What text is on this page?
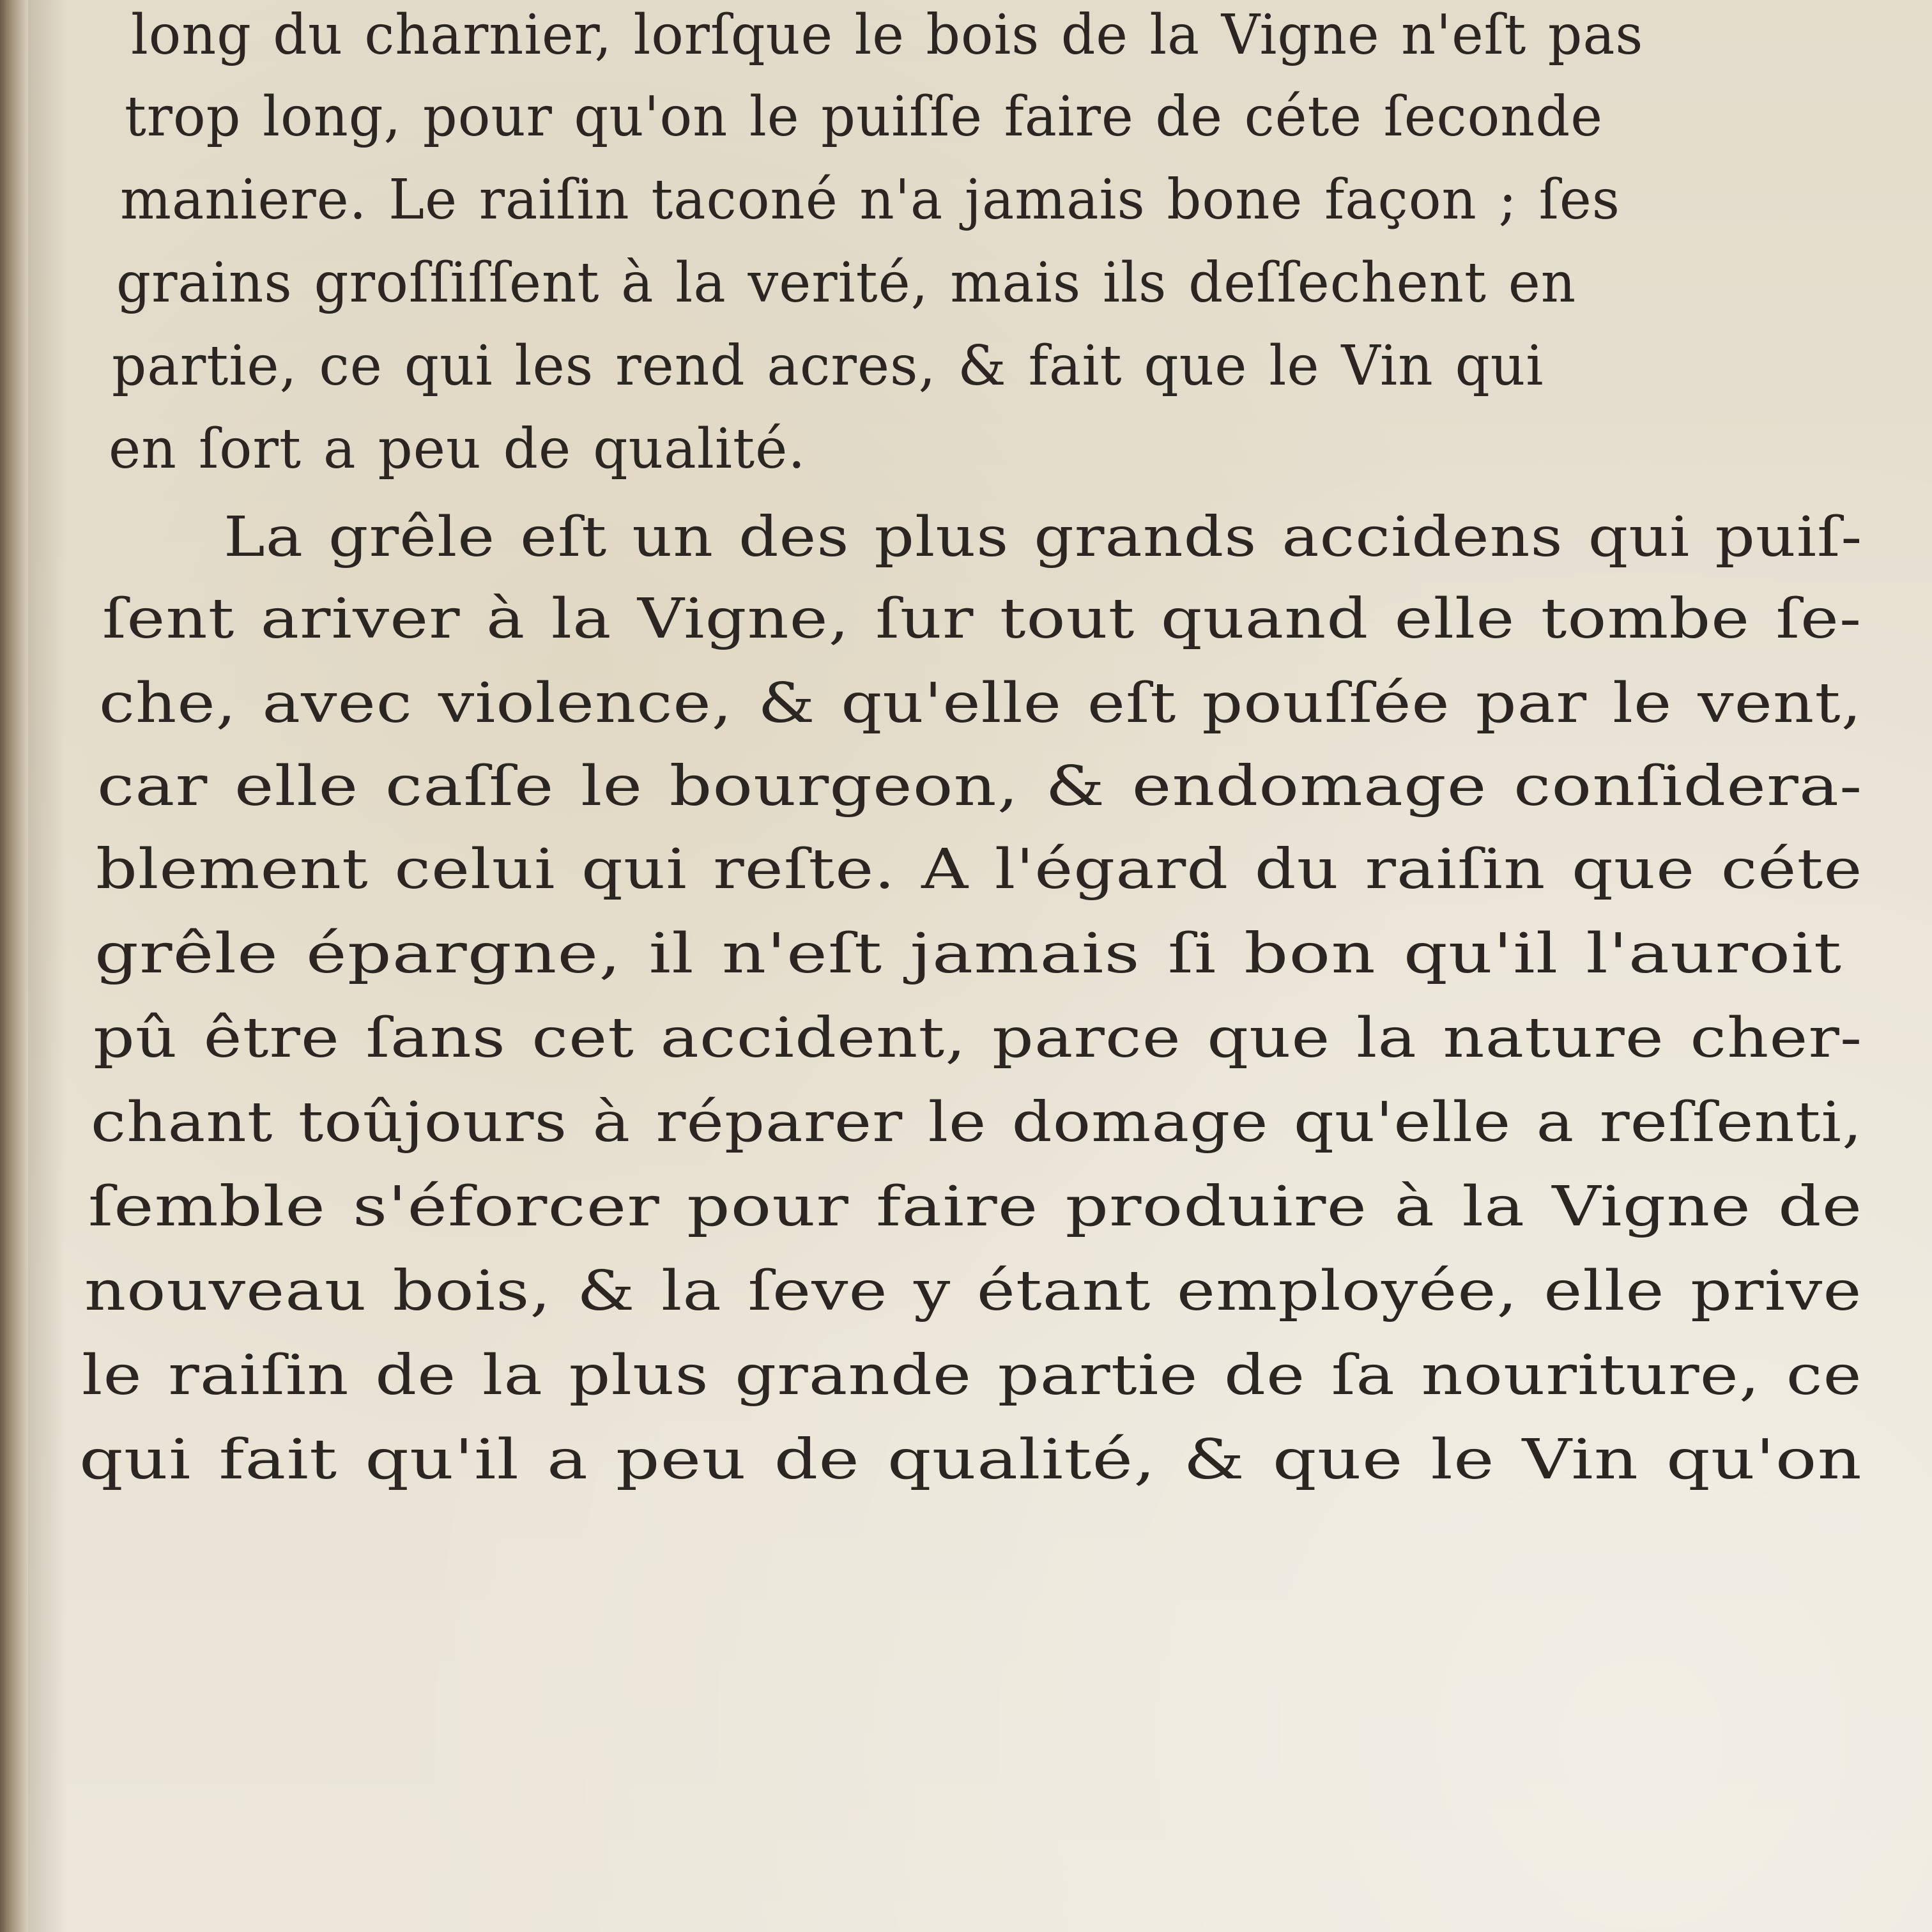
long du charnier, lorſque le bois de la Vigne n'eſt pas
trop long, pour qu'on le puiſſe faire de céte ſeconde
maniere. Le raiſin taconé n'a jamais bone façon ; ſes
grains groſſiſſent à la verité, mais ils deſſechent en
partie, ce qui les rend acres, & fait que le Vin qui
en ſort a peu de qualité.
La grêle eſt un des plus grands accidens qui puiſ-
ſent ariver à la Vigne, ſur tout quand elle tombe ſe-
che, avec violence, & qu'elle eſt pouſſée par le vent,
car elle caſſe le bourgeon, & endomage conſidera-
blement celui qui reſte. A l'égard du raiſin que céte
grêle épargne, il n'eſt jamais ſi bon qu'il l'auroit
pû être ſans cet accident, parce que la nature cher-
chant toûjours à réparer le domage qu'elle a reſſenti,
ſemble s'éforcer pour faire produire à la Vigne de
nouveau bois, & la ſeve y étant employée, elle prive
le raiſin de la plus grande partie de ſa nouriture, ce
qui fait qu'il a peu de qualité, & que le Vin qu'on
